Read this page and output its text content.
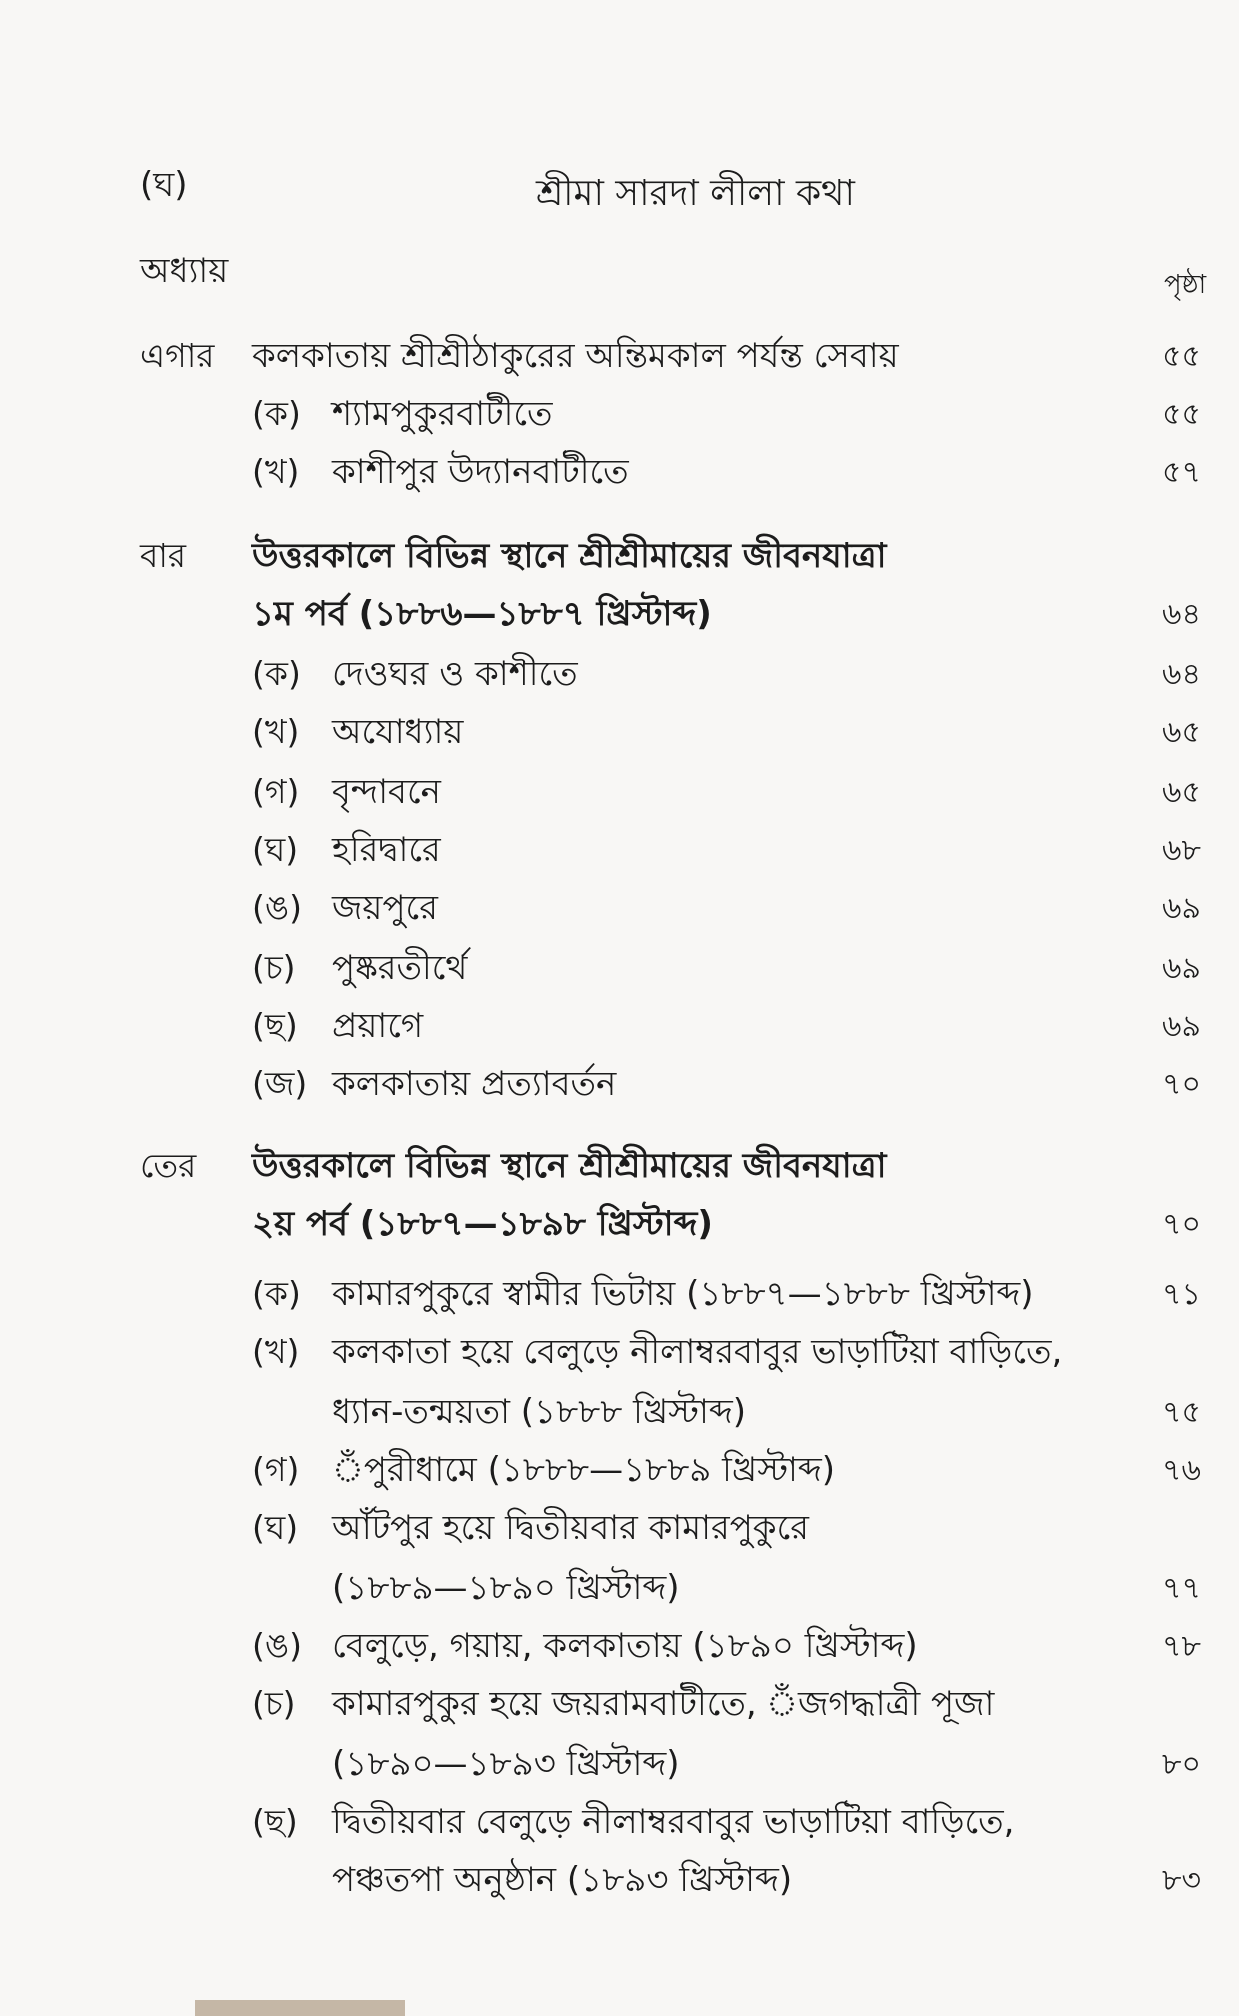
(ঘ)	শ্রীমা সারদা লীলা কথা
অধ্যায়	পৃষ্ঠা
এগার কলকাতায় শ্রীশ্রীঠাকুরের অন্তিমকাল পর্যন্ত সেবায়	৫৫
(ক) শ্যামপুকুরবাটীতে	৫৫
(খ) কাশীপুর উদ্যানবাটীতে	৫৭
বার উত্তরকালে বিভিন্ন স্থানে শ্রীশ্রীমায়ের জীবনযাত্রা
১ম পর্ব (১৮৮৬—১৮৮৭ খ্রিস্টাব্দ)	৬৪
(ক) দেওঘর ও কাশীতে	৬৪
(খ) অযোধ্যায়	৬৫
(গ) বৃন্দাবনে	৬৫
(ঘ) হরিদ্বারে	৬৮
(ঙ) জয়পুরে	৬৯
(চ) পুষ্করতীর্থে	৬৯
(ছ) প্রয়াগে	৬৯
(জ) কলকাতায় প্রত্যাবর্তন	৭০
তের উত্তরকালে বিভিন্ন স্থানে শ্রীশ্রীমায়ের জীবনযাত্রা
২য় পর্ব (১৮৮৭—১৮৯৮ খ্রিস্টাব্দ)	৭০
(ক) কামারপুকুরে স্বামীর ভিটায় (১৮৮৭—১৮৮৮ খ্রিস্টাব্দ)	৭১
(খ) কলকাতা হয়ে বেলুড়ে নীলাম্বরবাবুর ভাড়াটিয়া বাড়িতে,
ধ্যান-তন্ময়তা (১৮৮৮ খ্রিস্টাব্দ)	৭৫
(গ) ঁপুরীধামে (১৮৮৮—১৮৮৯ খ্রিস্টাব্দ)	৭৬
(ঘ) আঁটপুর হয়ে দ্বিতীয়বার কামারপুকুরে
(১৮৮৯—১৮৯০ খ্রিস্টাব্দ)	৭৭
(ঙ) বেলুড়ে, গয়ায়, কলকাতায় (১৮৯০ খ্রিস্টাব্দ)	৭৮
(চ) কামারপুকুর হয়ে জয়রামবাটীতে, ঁজগদ্ধাত্রী পূজা
(১৮৯০—১৮৯৩ খ্রিস্টাব্দ)	৮০
(ছ) দ্বিতীয়বার বেলুড়ে নীলাম্বরবাবুর ভাড়াটিয়া বাড়িতে,
পঞ্চতপা অনুষ্ঠান (১৮৯৩ খ্রিস্টাব্দ)	৮৩
